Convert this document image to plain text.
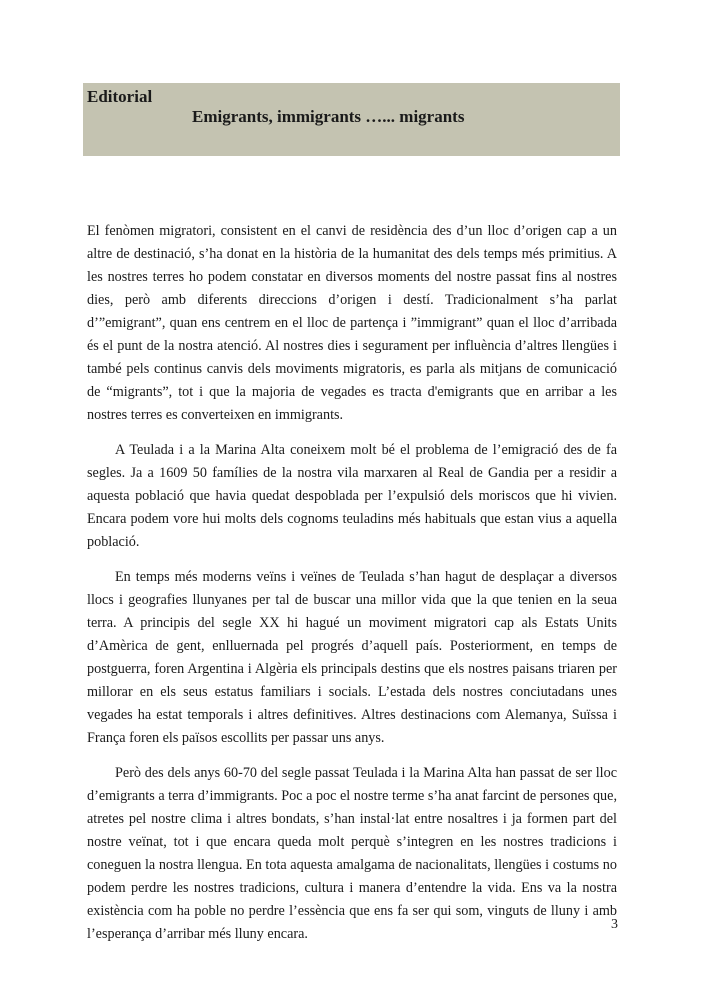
Editorial
Emigrants, immigrants …... migrants

El fenòmen migratori, consistent en el canvi de residència des d’un lloc d’origen cap a un altre de destinació, s’ha donat en la història de la humanitat des dels temps més primitius. A les nostres terres ho podem constatar en diversos moments del nostre passat fins al nostres dies, però amb diferents direccions d’origen i destí. Tradicionalment s’ha parlat d’”emigrant”, quan ens centrem en el lloc de partença i ”immigrant” quan el lloc d’arribada és el punt de la nostra atenció. Al nostres dies i segurament per influència d’altres llengües i també pels continus canvis dels moviments migratoris, es parla als mitjans de comunicació de “migrants”, tot i que la majoria de vegades es tracta d'emigrants que en arribar a les nostres terres es converteixen en immigrants.

A Teulada i a la Marina Alta coneixem molt bé el problema de l’emigració des de fa segles. Ja a 1609 50 famílies de la nostra vila marxaren al Real de Gandia per a residir a aquesta població que havia quedat despoblada per l’expulsió dels moriscos que hi vivien. Encara podem vore hui molts dels cognoms teuladins més habituals que estan vius a aquella població.

En temps més moderns veïns i veïnes de Teulada s’han hagut de desplaçar a diversos llocs i geografies llunyanes per tal de buscar una millor vida que la que tenien en la seua terra. A principis del segle XX hi hagué un moviment migratori cap als Estats Units d’Amèrica de gent, enlluernada pel progrés d’aquell país. Posteriorment, en temps de postguerra, foren Argentina i Algèria els principals destins que els nostres paisans triaren per millorar en els seus estatus familiars i socials. L’estada dels nostres conciutadans unes vegades ha estat temporals i altres definitives. Altres destinacions com Alemanya, Suïssa i França foren els països escollits per passar uns anys.

Però des dels anys 60-70 del segle passat Teulada i la Marina Alta han passat de ser lloc d’emigrants a terra d’immigrants. Poc a poc el nostre terme s’ha anat farcint de persones que, atretes pel nostre clima i altres bondats, s’han instal·lat entre nosaltres i ja formen part del nostre veïnat, tot i que encara queda molt perquè s’integren en les nostres tradicions i coneguen la nostra llengua. En tota aquesta amalgama de nacionalitats, llengües i costums no podem perdre les nostres tradicions, cultura i manera d’entendre la vida. Ens va la nostra existència com ha poble no perdre l’essència que ens fa ser qui som, vinguts de lluny i amb l’esperança d’arribar més lluny encara.

3
